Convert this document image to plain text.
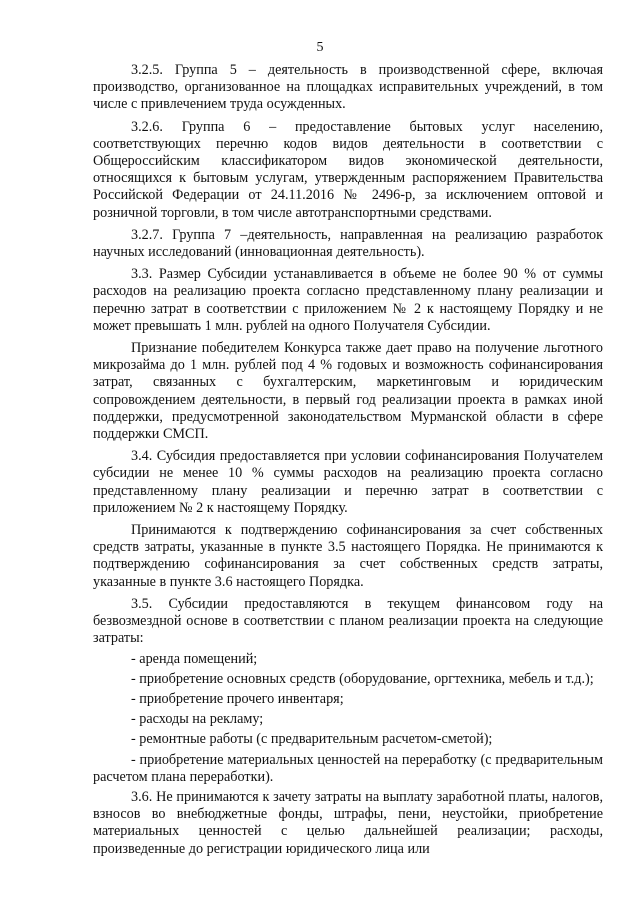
5

3.2.5. Группа 5 – деятельность в производственной сфере, включая производство, организованное на площадках исправительных учреждений, в том числе с привлечением труда осужденных.

3.2.6. Группа 6 – предоставление бытовых услуг населению, соответствующих перечню кодов видов деятельности в соответствии с Общероссийским классификатором видов экономической деятельности, относящихся к бытовым услугам, утвержденным распоряжением Правительства Российской Федерации от 24.11.2016 № 2496-р, за исключением оптовой и розничной торговли, в том числе автотранспортными средствами.

3.2.7. Группа 7 –деятельность, направленная на реализацию разработок научных исследований (инновационная деятельность).

3.3. Размер Субсидии устанавливается в объеме не более 90 % от суммы расходов на реализацию проекта согласно представленному плану реализации и перечню затрат в соответствии с приложением № 2 к настоящему Порядку и не может превышать 1 млн. рублей на одного Получателя Субсидии.

Признание победителем Конкурса также дает право на получение льготного микрозайма до 1 млн. рублей под 4 % годовых и возможность софинансирования затрат, связанных с бухгалтерским, маркетинговым и юридическим сопровождением деятельности, в первый год реализации проекта в рамках иной поддержки, предусмотренной законодательством Мурманской области в сфере поддержки СМСП.

3.4. Субсидия предоставляется при условии софинансирования Получателем субсидии не менее 10 % суммы расходов на реализацию проекта согласно представленному плану реализации и перечню затрат в соответствии с приложением № 2 к настоящему Порядку.

Принимаются к подтверждению софинансирования за счет собственных средств затраты, указанные в пункте 3.5 настоящего Порядка. Не принимаются к подтверждению софинансирования за счет собственных средств затраты, указанные в пункте 3.6 настоящего Порядка.

3.5. Субсидии предоставляются в текущем финансовом году на безвозмездной основе в соответствии с планом реализации проекта на следующие затраты:

- аренда помещений;

- приобретение основных средств (оборудование, оргтехника, мебель и т.д.);

- приобретение прочего инвентаря;

- расходы на рекламу;

- ремонтные работы (с предварительным расчетом-сметой);

- приобретение материальных ценностей на переработку (с предварительным расчетом плана переработки).

3.6. Не принимаются к зачету затраты на выплату заработной платы, налогов, взносов во внебюджетные фонды, штрафы, пени, неустойки, приобретение материальных ценностей с целью дальнейшей реализации; расходы, произведенные до регистрации юридического лица или
